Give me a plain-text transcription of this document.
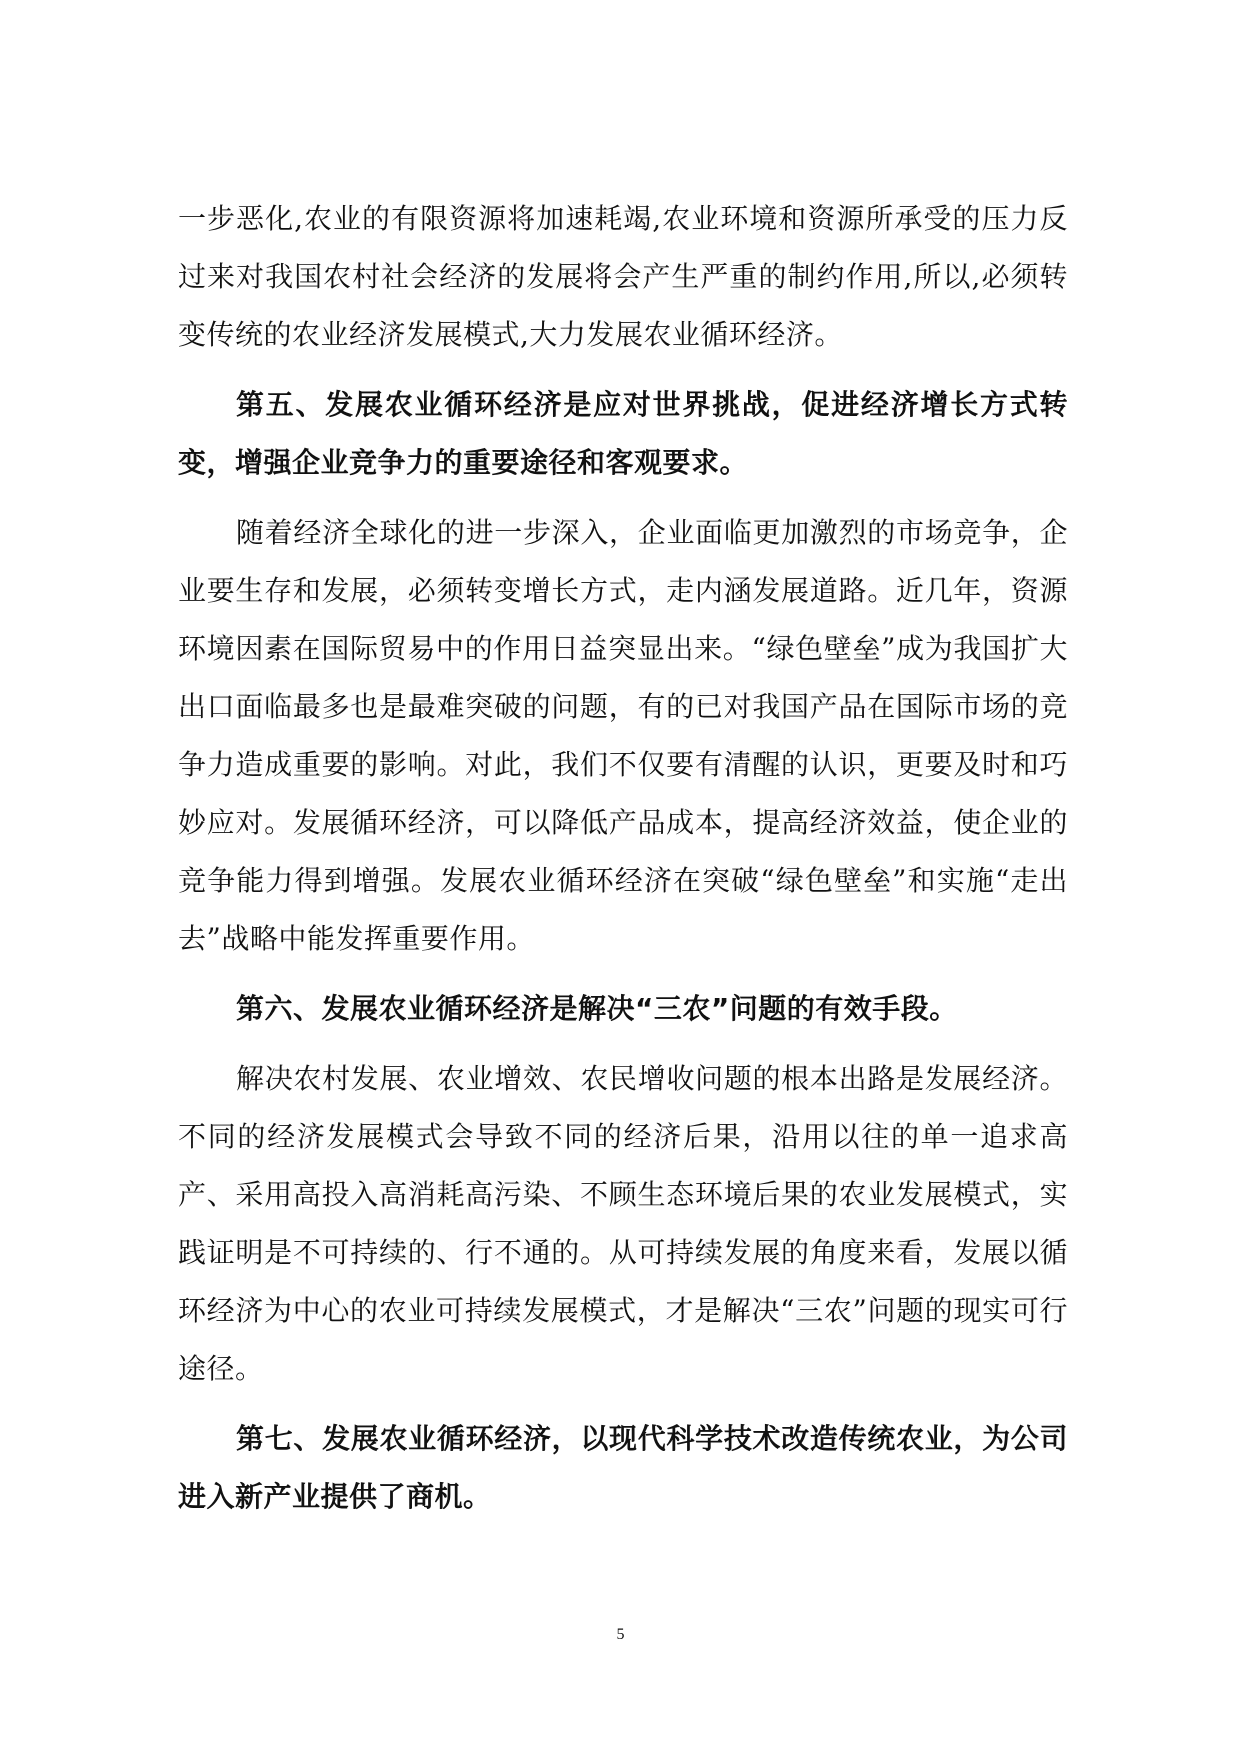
一步恶化,农业的有限资源将加速耗竭,农业环境和资源所承受的压力反过来对我国农村社会经济的发展将会产生严重的制约作用,所以,必须转变传统的农业经济发展模式,大力发展农业循环经济。

第五、发展农业循环经济是应对世界挑战，促进经济增长方式转变，增强企业竞争力的重要途径和客观要求。

随着经济全球化的进一步深入，企业面临更加激烈的市场竞争，企业要生存和发展，必须转变增长方式，走内涵发展道路。近几年，资源环境因素在国际贸易中的作用日益突显出来。“绿色壁垒”成为我国扩大出口面临最多也是最难突破的问题，有的已对我国产品在国际市场的竞争力造成重要的影响。对此，我们不仅要有清醒的认识，更要及时和巧妙应对。发展循环经济，可以降低产品成本，提高经济效益，使企业的竞争能力得到增强。发展农业循环经济在突破“绿色壁垒”和实施“走出去”战略中能发挥重要作用。

第六、发展农业循环经济是解决“三农”问题的有效手段。

解决农村发展、农业增效、农民增收问题的根本出路是发展经济。不同的经济发展模式会导致不同的经济后果，沿用以往的单一追求高产、采用高投入高消耗高污染、不顾生态环境后果的农业发展模式，实践证明是不可持续的、行不通的。从可持续发展的角度来看，发展以循环经济为中心的农业可持续发展模式，才是解决“三农”问题的现实可行途径。

第七、发展农业循环经济，以现代科学技术改造传统农业，为公司进入新产业提供了商机。

5
